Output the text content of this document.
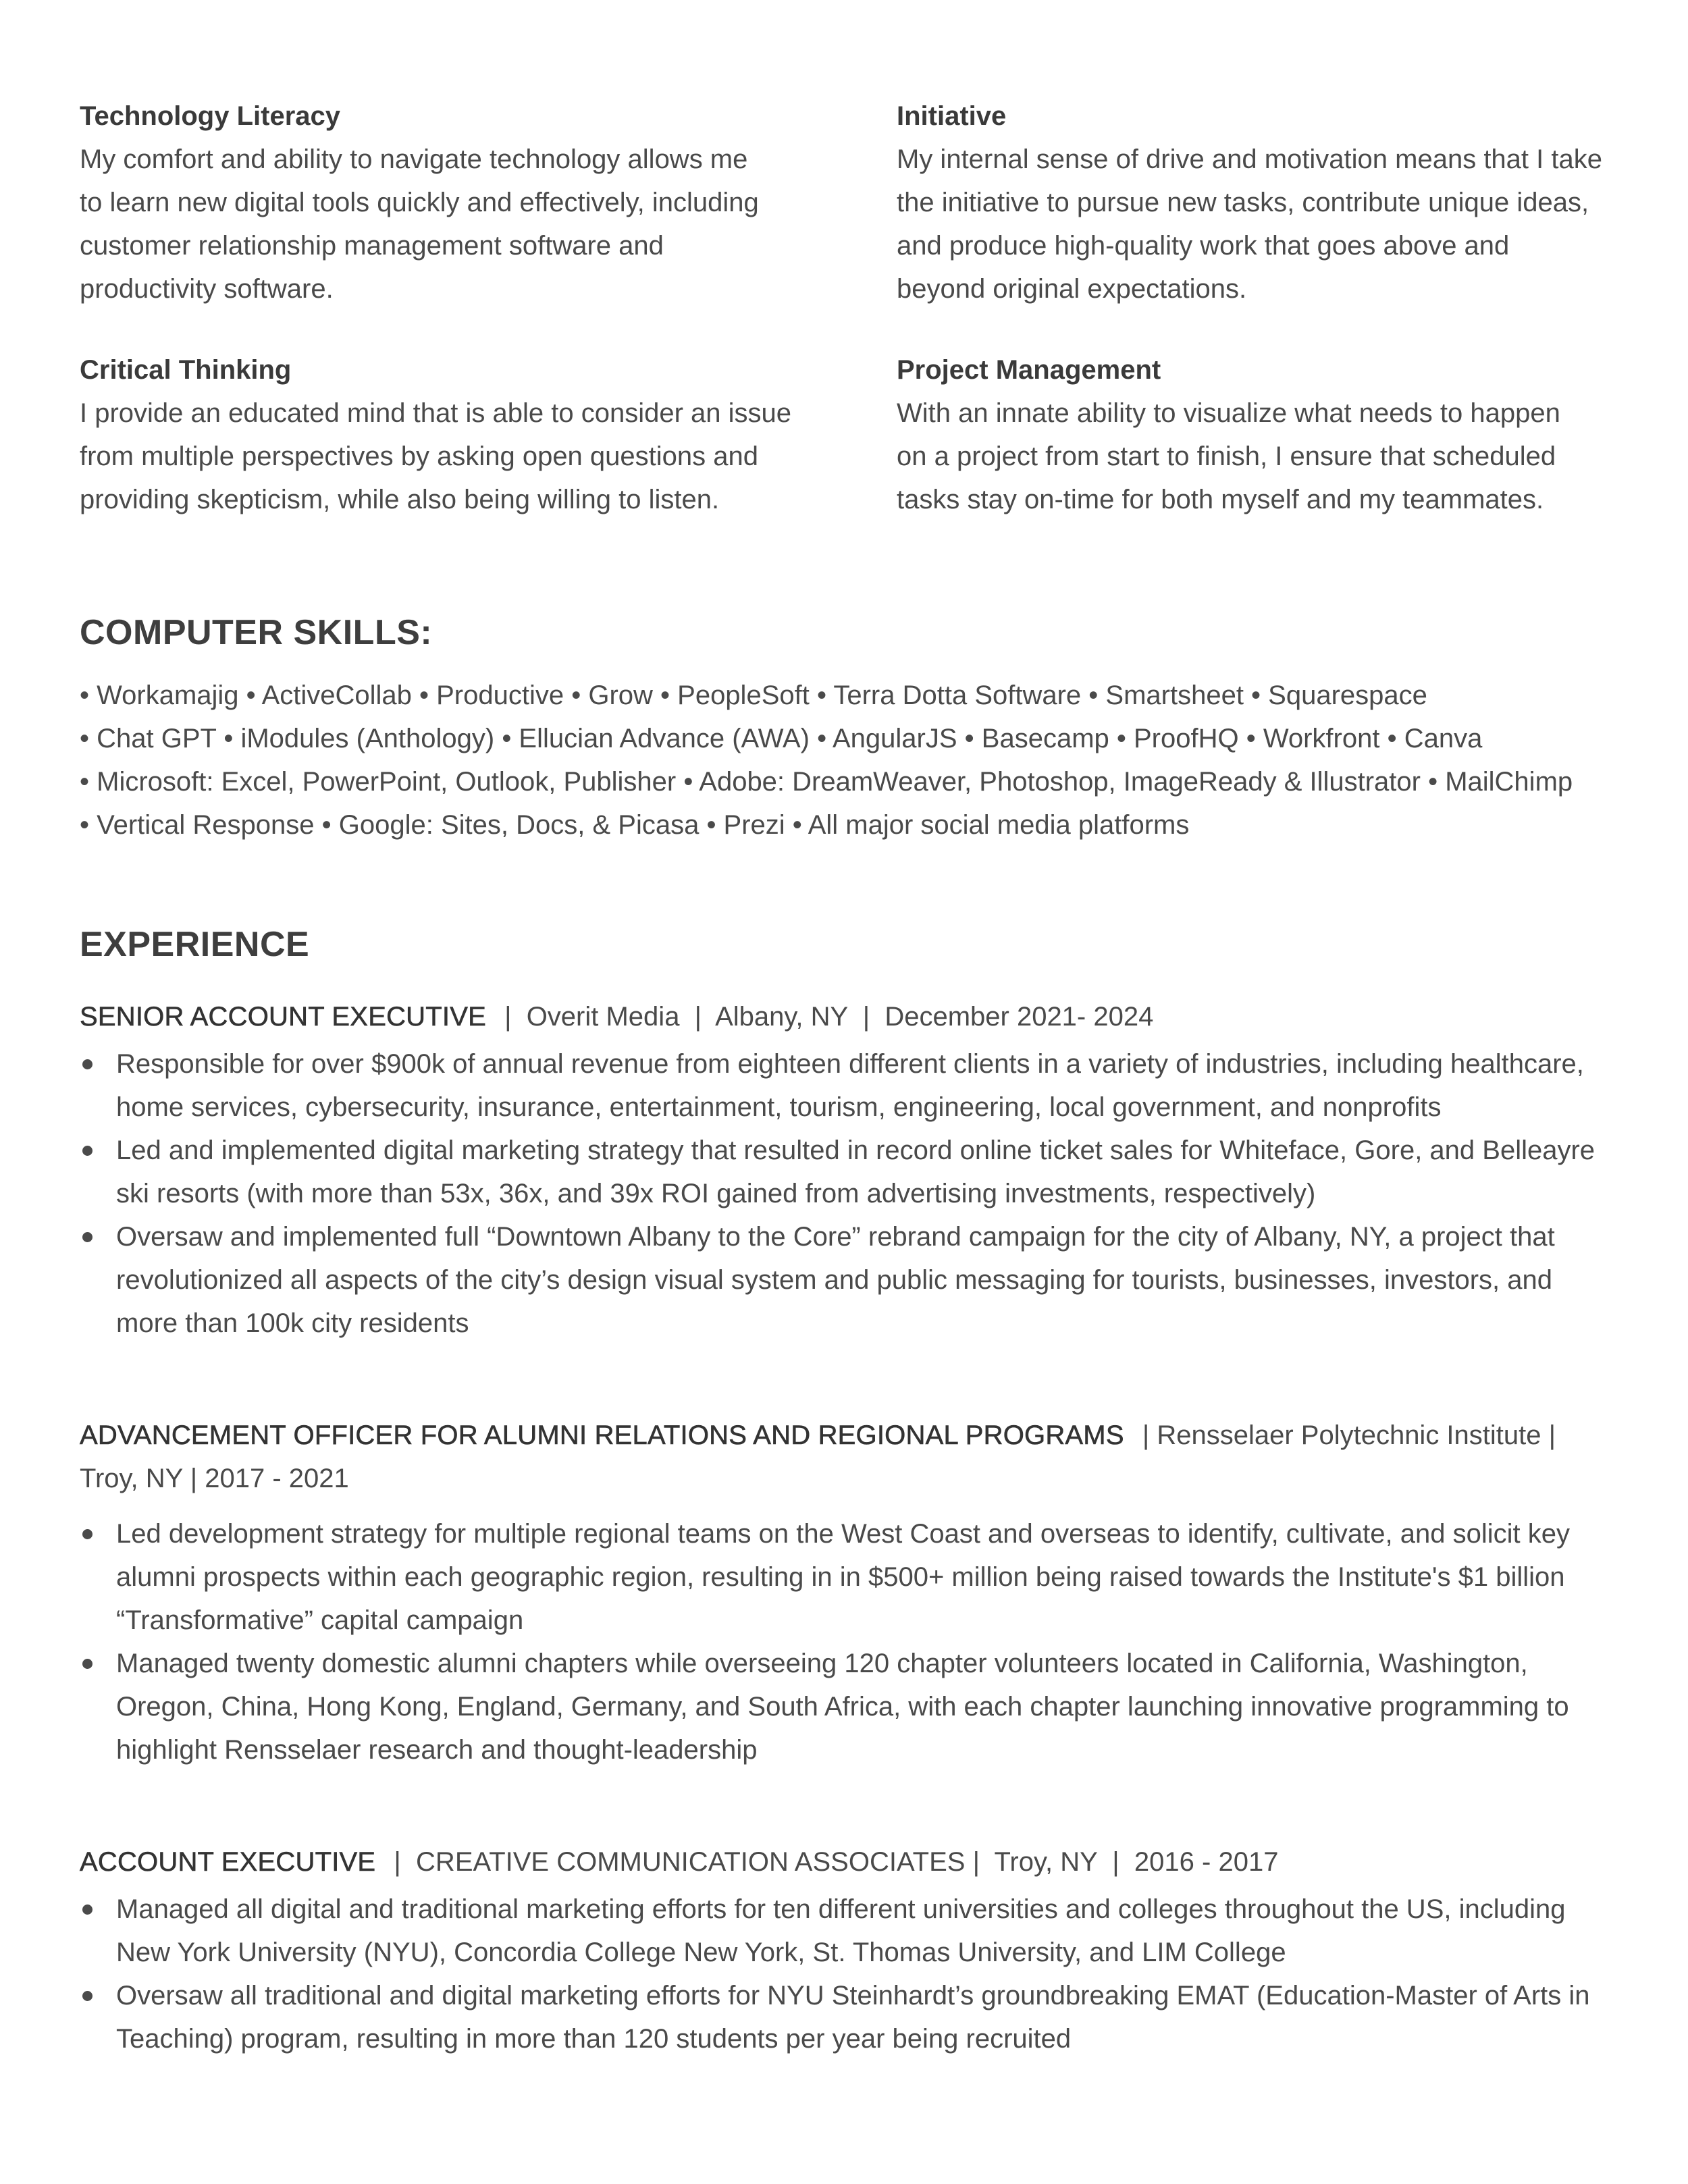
Technology Literacy
My comfort and ability to navigate technology allows me
to learn new digital tools quickly and effectively, including
customer relationship management software and
productivity software.
Initiative
My internal sense of drive and motivation means that I take
the initiative to pursue new tasks, contribute unique ideas,
and produce high-quality work that goes above and
beyond original expectations.
Critical Thinking
I provide an educated mind that is able to consider an issue
from multiple perspectives by asking open questions and
providing skepticism, while also being willing to listen.
Project Management
With an innate ability to visualize what needs to happen
on a project from start to finish, I ensure that scheduled
tasks stay on-time for both myself and my teammates.
COMPUTER SKILLS:
• Workamajig • ActiveCollab • Productive • Grow • PeopleSoft • Terra Dotta Software • Smartsheet • Squarespace
• Chat GPT • iModules (Anthology) • Ellucian Advance (AWA) • AngularJS • Basecamp • ProofHQ • Workfront • Canva
• Microsoft: Excel, PowerPoint, Outlook, Publisher • Adobe: DreamWeaver, Photoshop, ImageReady & Illustrator • MailChimp
• Vertical Response • Google: Sites, Docs, & Picasa • Prezi • All major social media platforms
EXPERIENCE
SENIOR ACCOUNT EXECUTIVE |  Overit Media  |  Albany, NY  |  December 2021- 2024
Responsible for over $900k of annual revenue from eighteen different clients in a variety of industries, including healthcare, home services, cybersecurity, insurance, entertainment, tourism, engineering, local government, and nonprofits
Led and implemented digital marketing strategy that resulted in record online ticket sales for Whiteface, Gore, and Belleayre ski resorts (with more than 53x, 36x, and 39x ROI gained from advertising investments, respectively)
Oversaw and implemented full “Downtown Albany to the Core” rebrand campaign for the city of Albany, NY, a project that revolutionized all aspects of the city’s design visual system and public messaging for tourists, businesses, investors, and more than 100k city residents
ADVANCEMENT OFFICER FOR ALUMNI RELATIONS AND REGIONAL PROGRAMS | Rensselaer Polytechnic Institute | Troy, NY | 2017 - 2021
Led development strategy for multiple regional teams on the West Coast and overseas to identify, cultivate, and solicit key alumni prospects within each geographic region, resulting in in $500+ million being raised towards the Institute's $1 billion “Transformative” capital campaign
Managed twenty domestic alumni chapters while overseeing 120 chapter volunteers located in California, Washington, Oregon, China, Hong Kong, England, Germany, and South Africa, with each chapter launching innovative programming to highlight Rensselaer research and thought-leadership
ACCOUNT EXECUTIVE |  CREATIVE COMMUNICATION ASSOCIATES |  Troy, NY  |  2016 - 2017
Managed all digital and traditional marketing efforts for ten different universities and colleges throughout the US, including New York University (NYU), Concordia College New York, St. Thomas University, and LIM College
Oversaw all traditional and digital marketing efforts for NYU Steinhardt’s groundbreaking EMAT (Education-Master of Arts in Teaching) program, resulting in more than 120 students per year being recruited
